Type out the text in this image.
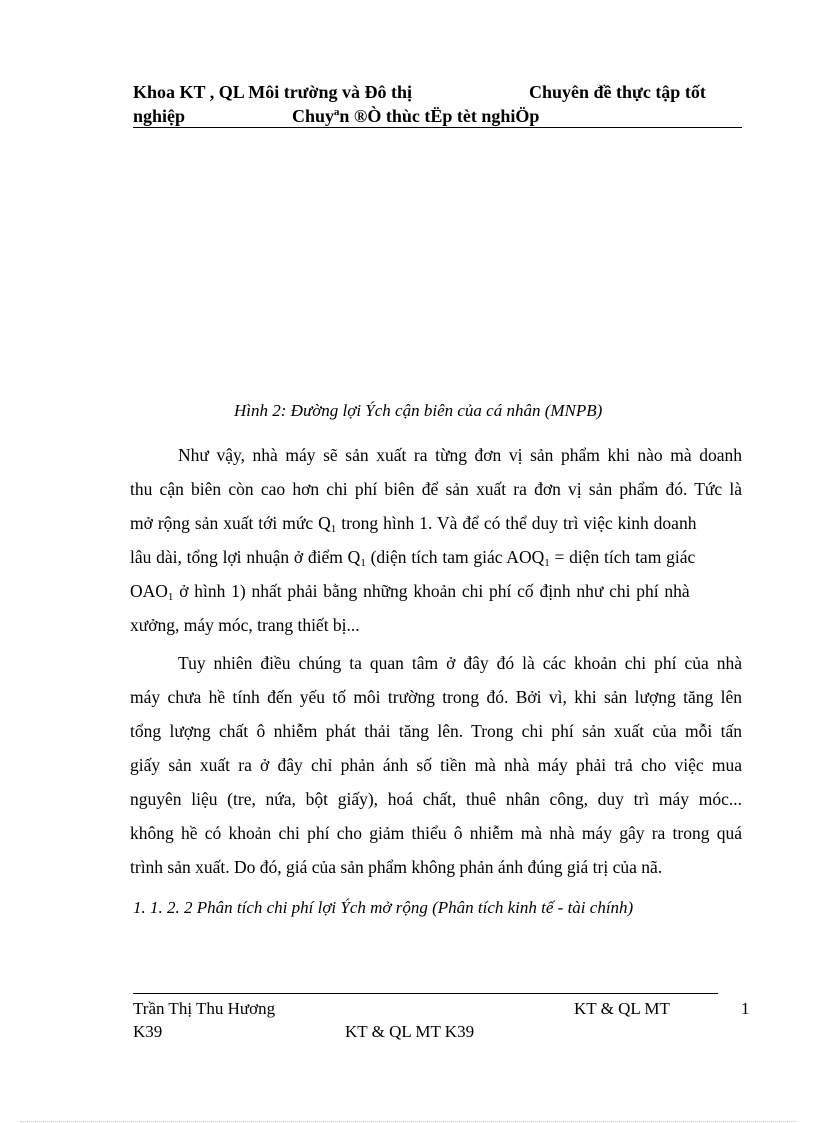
Khoa KT , QL Môi trường và Đô thị	Chuyên đề thực tập tốt
nghiệp	Chuyªn ®Ò thùc tËp tèt nghiÖp
Hình 2: Đường lợi Ých cận biên của cá nhân (MNPB)
Như vậy, nhà máy sẽ sản xuất ra từng đơn vị sản phẩm khi nào mà doanh
thu cận biên còn cao hơn chi phí biên để sản xuất ra đơn vị sản phẩm đó. Tức là
mở rộng sản xuất tới mức $Q_1$ trong hình 1. Và để có thể duy trì việc kinh doanh
lâu dài, tổng lợi nhuận ở điểm $Q_1$ (diện tích tam giác $AOQ_1$ = diện tích tam giác
$OAO_1$ ở hình 1) nhất phải bằng những khoản chi phí cố định như chi phí nhà
xưởng, máy móc, trang thiết bị...
Tuy nhiên điều chúng ta quan tâm ở đây đó là các khoản chi phí của nhà
máy chưa hề tính đến yếu tố môi trường trong đó. Bởi vì, khi sản lượng tăng lên
tổng lượng chất ô nhiễm phát thải tăng lên. Trong chi phí sản xuất của mỗi tấn
giấy sản xuất ra ở đây chỉ phản ánh số tiền mà nhà máy phải trả cho việc mua
nguyên liệu (tre, nứa, bột giấy), hoá chất, thuê nhân công, duy trì máy móc...
không hề có khoản chi phí cho giảm thiểu ô nhiễm mà nhà máy gây ra trong quá
trình sản xuất. Do đó, giá của sản phẩm không phản ánh đúng giá trị của nã.
1. 1. 2. 2 Phân tích chi phí lợi Ých mở rộng (Phân tích kinh tế - tài chính)
Trần Thị Thu Hương	KT & QL MT	1
K39	KT & QL MT K39
